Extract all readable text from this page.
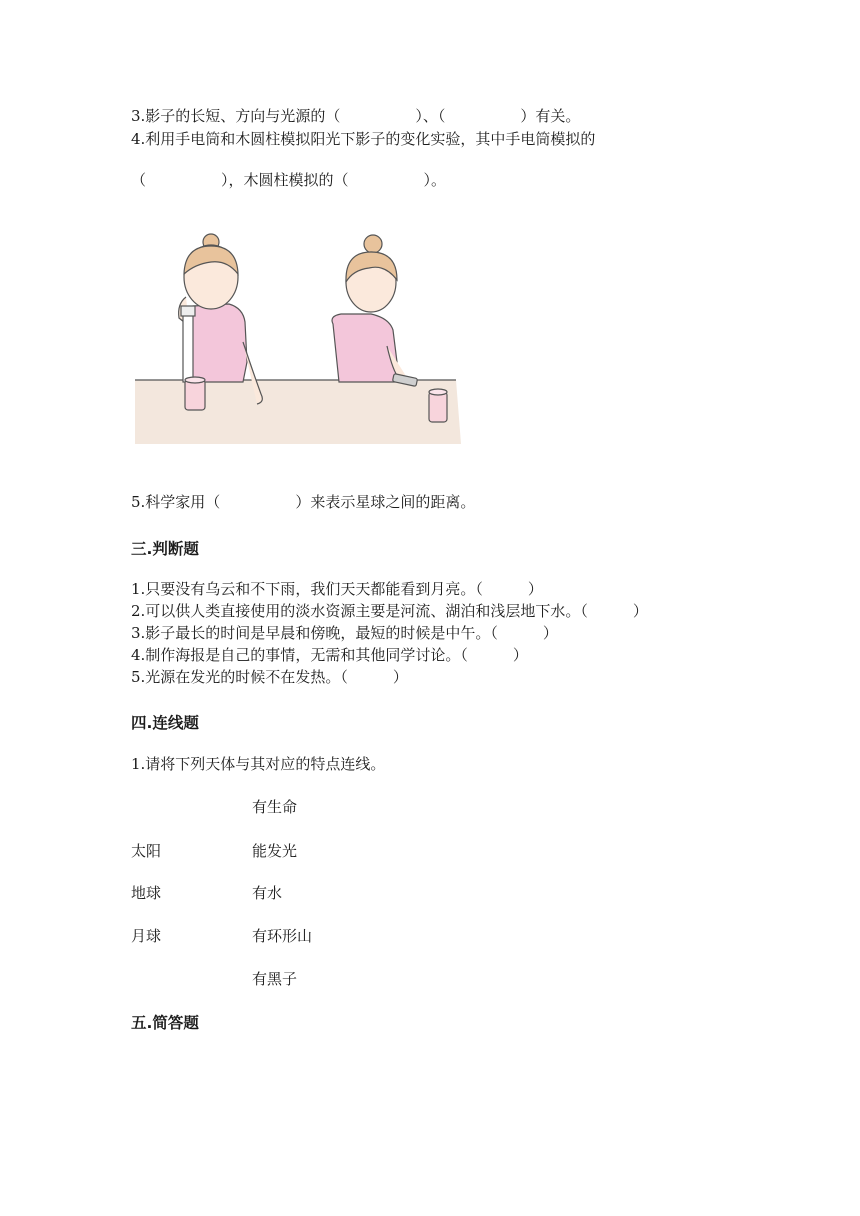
3.影子的长短、方向与光源的（　　　　　）、（　　　　　）有关。
4.利用手电筒和木圆柱模拟阳光下影子的变化实验，其中手电筒模拟的
（　　　　　），木圆柱模拟的（　　　　　）。
5.科学家用（　　　　　）来表示星球之间的距离。
三.判断题
1.只要没有乌云和不下雨，我们天天都能看到月亮。（　　　）
2.可以供人类直接使用的淡水资源主要是河流、湖泊和浅层地下水。（　　　）
3.影子最长的时间是早晨和傍晚，最短的时候是中午。（　　　）
4.制作海报是自己的事情，无需和其他同学讨论。（　　　）
5.光源在发光的时候不在发热。（　　　）
四.连线题
1.请将下列天体与其对应的特点连线。
有生命
太阳	能发光
地球	有水
月球	有环形山
有黑子
五.简答题
